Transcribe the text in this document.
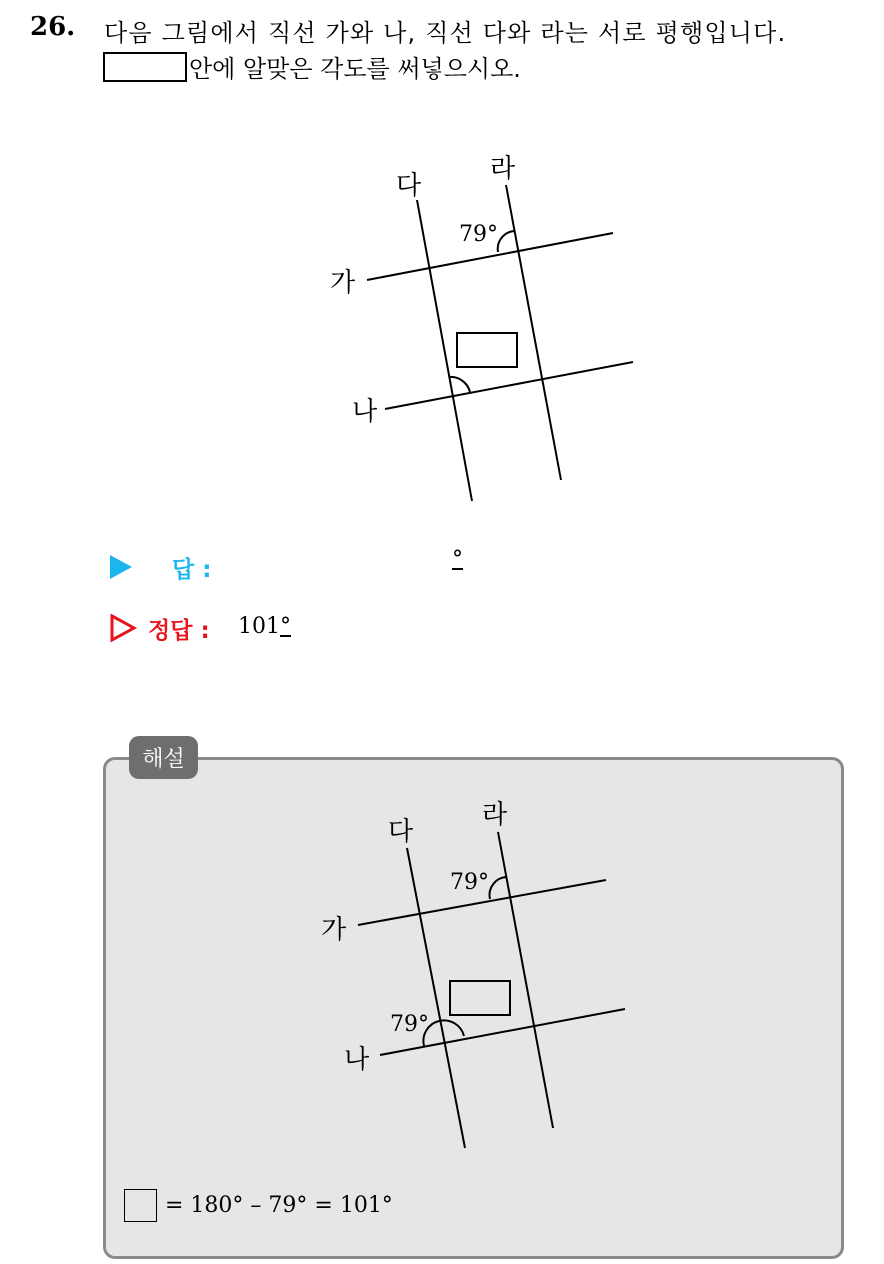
26. 다음 그림에서 직선 가와 나, 직선 다와 라는 서로 평행입니다.
안에 알맞은 각도를 써넣으시오.
다
라
가
나
79°
답 :	°
정답 : 101°
해설
다
라
가
나
79°
79°
= 180° – 79° = 101°
